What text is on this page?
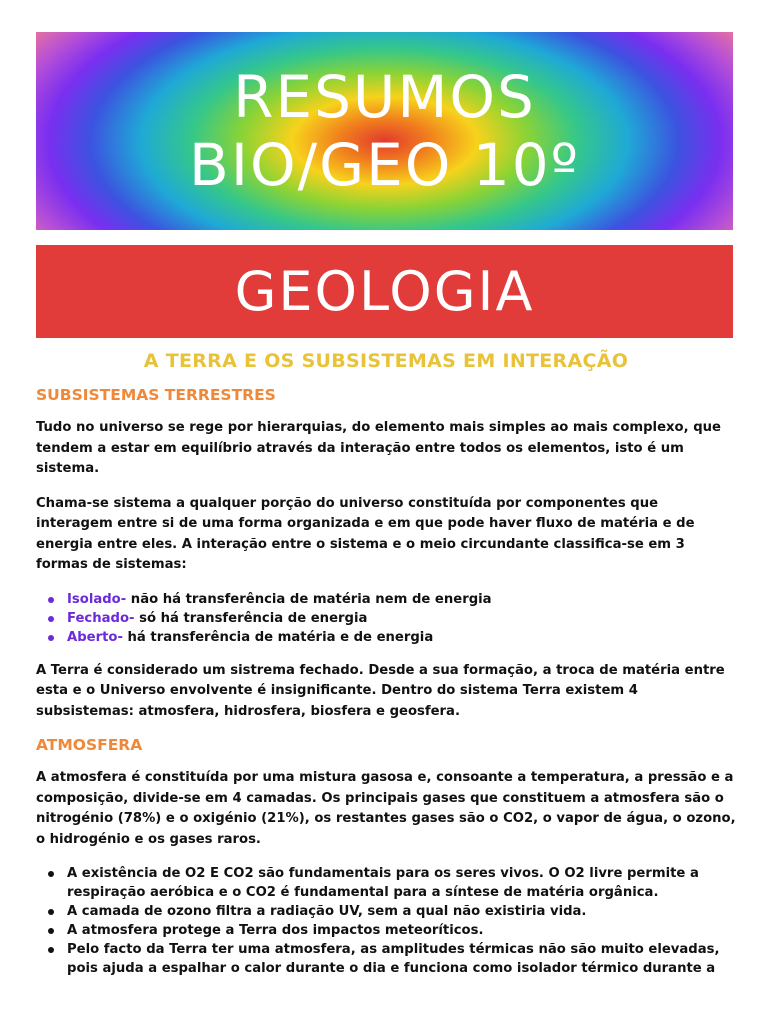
RESUMOS
BIO/GEO 10º
GEOLOGIA
A TERRA E OS SUBSISTEMAS EM INTERAÇÃO
SUBSISTEMAS TERRESTRES

Tudo no universo se rege por hierarquias, do elemento mais simples ao mais complexo, que tendem a estar em equilíbrio através da interação entre todos os elementos, isto é um sistema.

Chama-se sistema a qualquer porção do universo constituída por componentes que interagem entre si de uma forma organizada e em que pode haver fluxo de matéria e de energia entre eles. A interação entre o sistema e o meio circundante classifica-se em 3 formas de sistemas:

Isolado- não há transferência de matéria nem de energia
Fechado- só há transferência de energia
Aberto- há transferência de matéria e de energia

A Terra é considerado um sistrema fechado. Desde a sua formação, a troca de matéria entre esta e o Universo envolvente é insignificante. Dentro do sistema Terra existem 4 subsistemas: atmosfera, hidrosfera, biosfera e geosfera.

ATMOSFERA

A atmosfera é constituída por uma mistura gasosa e, consoante a temperatura, a pressão e a composição, divide-se em 4 camadas. Os principais gases que constituem a atmosfera são o nitrogénio (78%) e o oxigénio (21%), os restantes gases são o CO2, o vapor de água, o ozono, o hidrogénio e os gases raros.

A existência de O2 E CO2 são fundamentais para os seres vivos. O O2 livre permite a respiração aeróbica e o CO2 é fundamental para a síntese de matéria orgânica.
A camada de ozono filtra a radiação UV, sem a qual não existiria vida.
A atmosfera protege a Terra dos impactos meteoríticos.
Pelo facto da Terra ter uma atmosfera, as amplitudes térmicas não são muito elevadas, pois ajuda a espalhar o calor durante o dia e funciona como isolador térmico durante a
